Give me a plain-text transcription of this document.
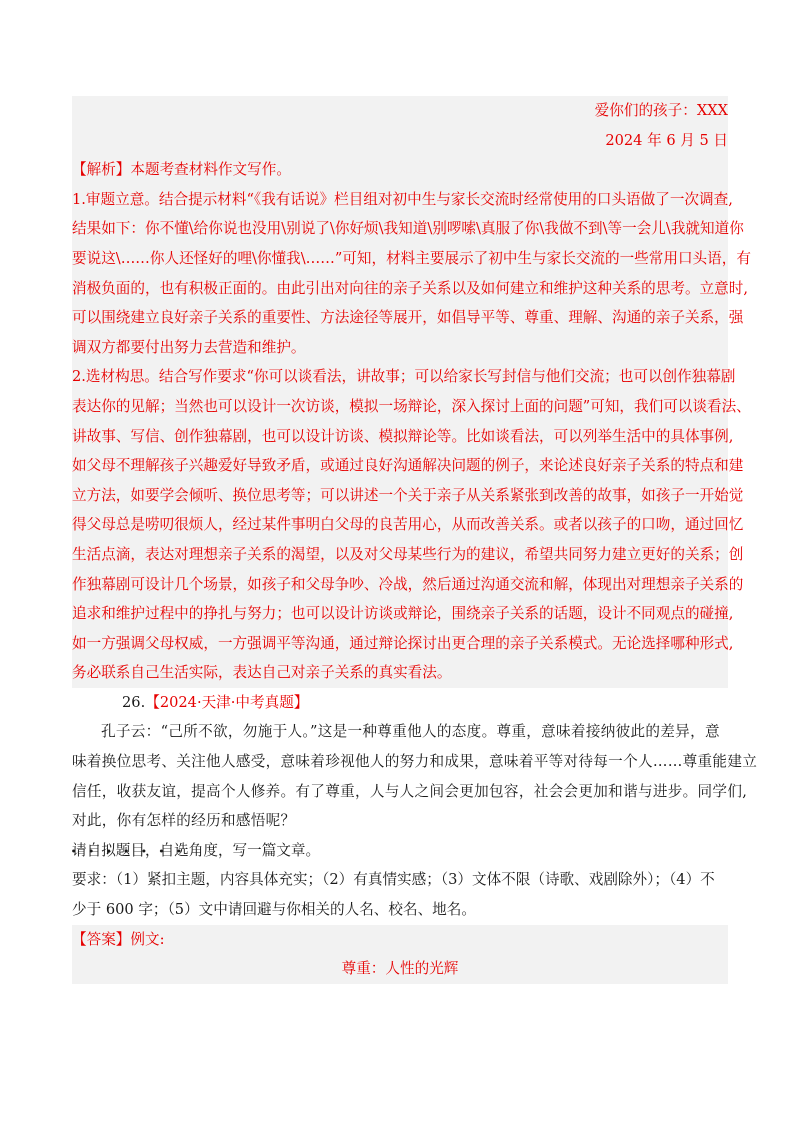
爱你们的孩子：XXX
2024 年 6 月 5 日
【解析】本题考查材料作文写作。
1.审题立意。结合提示材料“《我有话说》栏目组对初中生与家长交流时经常使用的口头语做了一次调查,
结果如下：你不懂\给你说也没用\别说了\你好烦\我知道\别啰嗦\真服了你\我做不到\等一会儿\我就知道你
要说这\……你人还怪好的哩\你懂我\……”可知，材料主要展示了初中生与家长交流的一些常用口头语，有
消极负面的，也有积极正面的。由此引出对向往的亲子关系以及如何建立和维护这种关系的思考。立意时,
可以围绕建立良好亲子关系的重要性、方法途径等展开，如倡导平等、尊重、理解、沟通的亲子关系，强
调双方都要付出努力去营造和维护。
2.选材构思。结合写作要求“你可以谈看法，讲故事；可以给家长写封信与他们交流；也可以创作独幕剧
表达你的见解；当然也可以设计一次访谈，模拟一场辩论，深入探讨上面的问题”可知，我们可以谈看法、
讲故事、写信、创作独幕剧，也可以设计访谈、模拟辩论等。比如谈看法，可以列举生活中的具体事例,
如父母不理解孩子兴趣爱好导致矛盾，或通过良好沟通解决问题的例子，来论述良好亲子关系的特点和建
立方法，如要学会倾听、换位思考等；可以讲述一个关于亲子从关系紧张到改善的故事，如孩子一开始觉
得父母总是唠叨很烦人，经过某件事明白父母的良苦用心，从而改善关系。或者以孩子的口吻，通过回忆
生活点滴，表达对理想亲子关系的渴望，以及对父母某些行为的建议，希望共同努力建立更好的关系；创
作独幕剧可设计几个场景，如孩子和父母争吵、冷战，然后通过沟通交流和解，体现出对理想亲子关系的
追求和维护过程中的挣扎与努力；也可以设计访谈或辩论，围绕亲子关系的话题，设计不同观点的碰撞,
如一方强调父母权威，一方强调平等沟通，通过辩论探讨出更合理的亲子关系模式。无论选择哪种形式,
务必联系自己生活实际，表达自己对亲子关系的真实看法。
26.【2024·天津·中考真题】
孔子云：“己所不欲，勿施于人。”这是一种尊重他人的态度。尊重，意味着接纳彼此的差异，意
味着换位思考、关注他人感受，意味着珍视他人的努力和成果，意味着平等对待每一个人……尊重能建立
信任，收获友谊，提高个人修养。有了尊重，人与人之间会更加包容，社会会更加和谐与进步。同学们,
对此，你有怎样的经历和感悟呢？
请自拟题目，自选角度，写一篇文章。 ● ● ● ● ● ● ●
要求：（1）紧扣主题，内容具体充实；（2）有真情实感；（3）文体不限（诗歌、戏剧除外）；（4）不
少于 600 字；（5）文中请回避与你相关的人名、校名、地名。
【答案】例文:
尊重：人性的光辉
